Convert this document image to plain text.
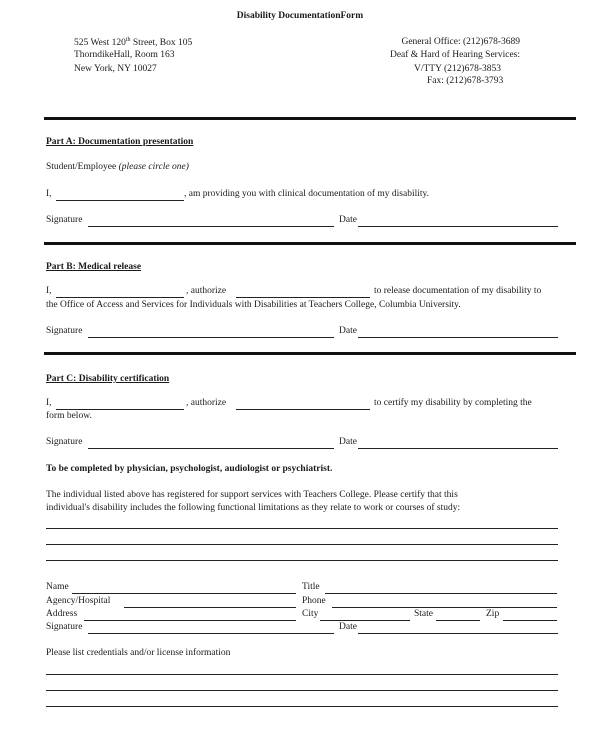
Disability DocumentationForm
525 West 120th Street, Box 105
ThorndikeHall, Room 163
New York, NY 10027
General Office: (212)678-3689
Deaf & Hard of Hearing Services:
V/TTY (212)678-3853
Fax: (212)678-3793
Part A: Documentation presentation
Student/Employee (please circle one)
I,	, am providing you with clinical documentation of my disability.
Signature	Date
Part B: Medical release
I,	, authorize	to release documentation of my disability to
the Office of Access and Services for Individuals with Disabilities at Teachers College, Columbia University.
Signature	Date
Part C: Disability certification
I,	, authorize	to certify my disability by completing the
form below.
Signature	Date
To be completed by physician, psychologist, audiologist or psychiatrist.
The individual listed above has registered for support services with Teachers College. Please certify that this
individual's disability includes the following functional limitations as they relate to work or courses of study:
Name	Title
Agency/Hospital	Phone
Address	City	State	Zip
Signature	Date
Please list credentials and/or license information
